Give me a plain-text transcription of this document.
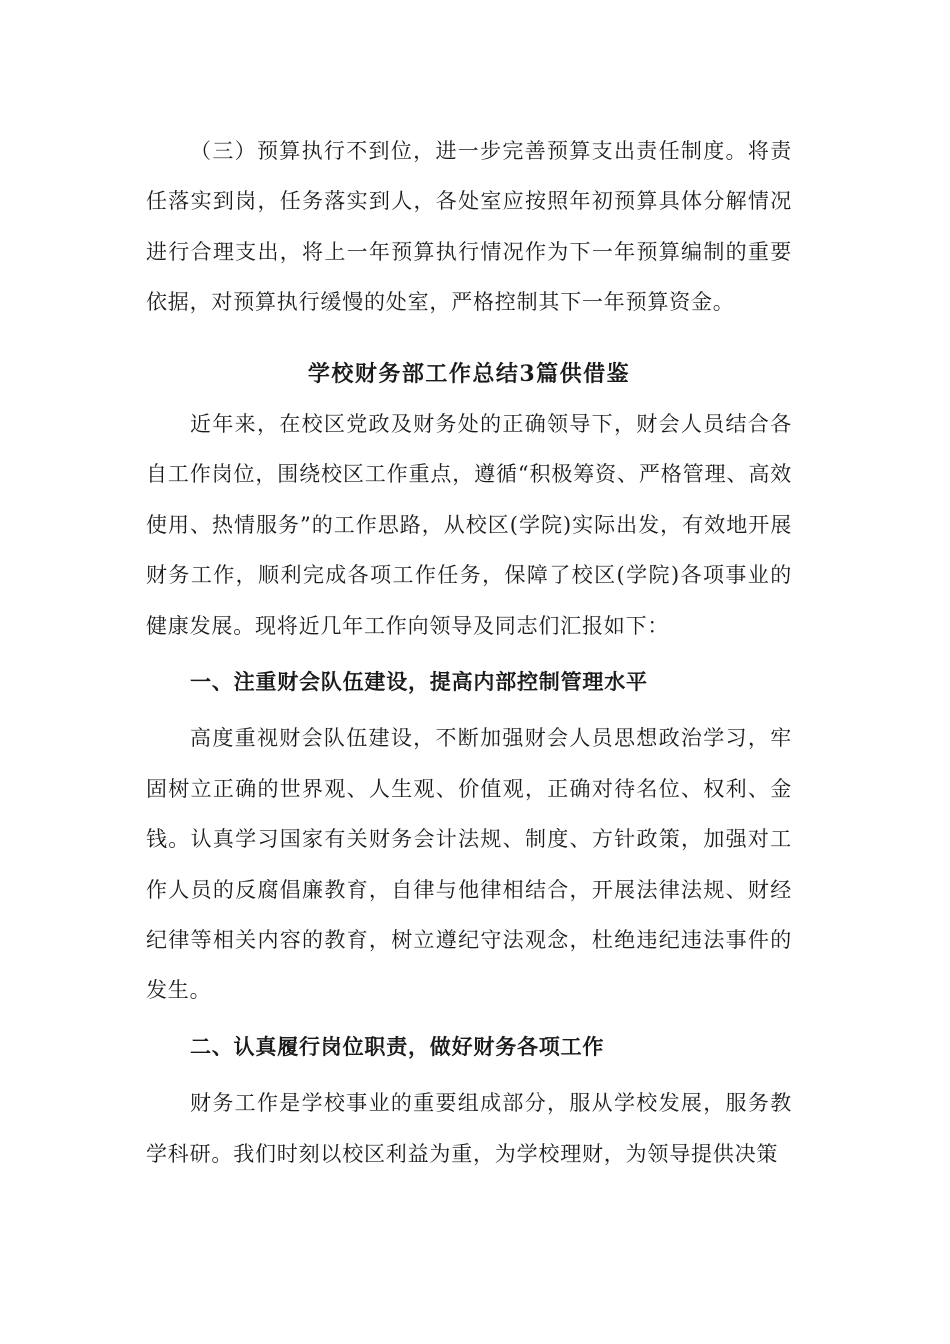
（三）预算执行不到位，进一步完善预算支出责任制度。将责任落实到岗，任务落实到人，各处室应按照年初预算具体分解情况进行合理支出，将上一年预算执行情况作为下一年预算编制的重要依据，对预算执行缓慢的处室，严格控制其下一年预算资金。

学校财务部工作总结3篇供借鉴

近年来，在校区党政及财务处的正确领导下，财会人员结合各自工作岗位，围绕校区工作重点，遵循“积极筹资、严格管理、高效使用、热情服务”的工作思路，从校区(学院)实际出发，有效地开展财务工作，顺利完成各项工作任务，保障了校区(学院)各项事业的健康发展。现将近几年工作向领导及同志们汇报如下：

一、注重财会队伍建设，提高内部控制管理水平

高度重视财会队伍建设，不断加强财会人员思想政治学习，牢固树立正确的世界观、人生观、价值观，正确对待名位、权利、金钱。认真学习国家有关财务会计法规、制度、方针政策，加强对工作人员的反腐倡廉教育，自律与他律相结合，开展法律法规、财经纪律等相关内容的教育，树立遵纪守法观念，杜绝违纪违法事件的发生。

二、认真履行岗位职责，做好财务各项工作

财务工作是学校事业的重要组成部分，服从学校发展，服务教学科研。我们时刻以校区利益为重，为学校理财，为领导提供决策
